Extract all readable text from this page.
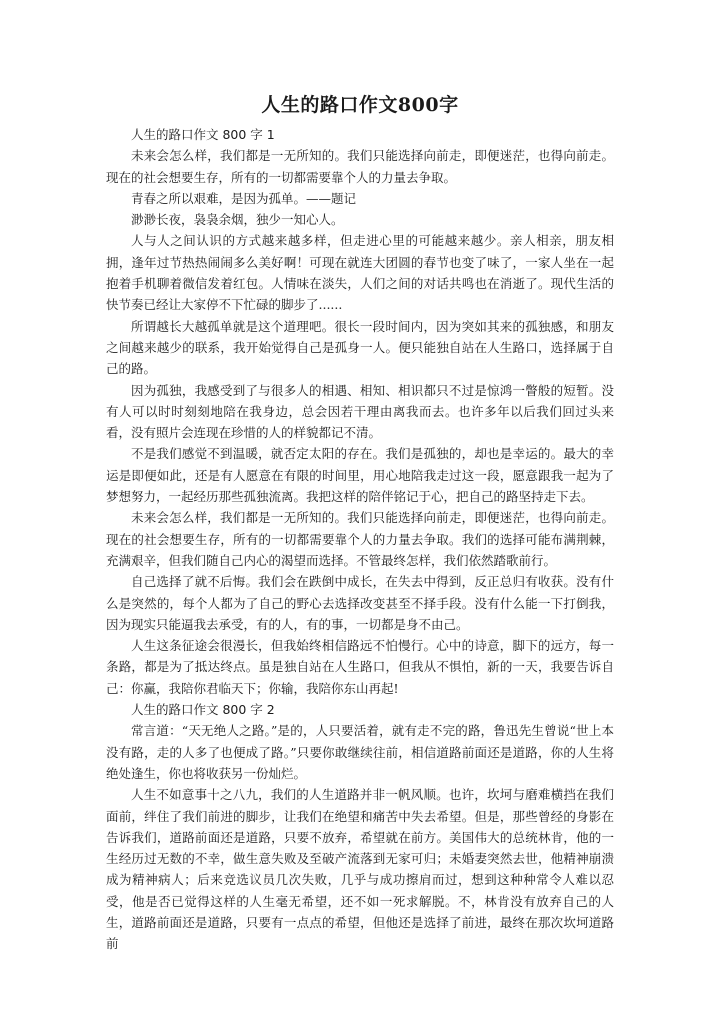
人生的路口作文800字

人生的路口作文 800 字 1

未来会怎么样，我们都是一无所知的。我们只能选择向前走，即便迷茫，也得向前走。现在的社会想要生存，所有的一切都需要靠个人的力量去争取。

青春之所以艰难，是因为孤单。——题记

渺渺长夜，袅袅余烟，独少一知心人。

人与人之间认识的方式越来越多样，但走进心里的可能越来越少。亲人相亲，朋友相拥，逢年过节热热闹闹多么美好啊！可现在就连大团圆的春节也变了味了，一家人坐在一起抱着手机聊着微信发着红包。人情味在淡失，人们之间的对话共鸣也在消逝了。现代生活的快节奏已经让大家停不下忙碌的脚步了......

所谓越长大越孤单就是这个道理吧。很长一段时间内，因为突如其来的孤独感，和朋友之间越来越少的联系，我开始觉得自己是孤身一人。便只能独自站在人生路口，选择属于自己的路。

因为孤独，我感受到了与很多人的相遇、相知、相识都只不过是惊鸿一瞥般的短暂。没有人可以时时刻刻地陪在我身边，总会因若干理由离我而去。也许多年以后我们回过头来看，没有照片会连现在珍惜的人的样貌都记不清。

不是我们感觉不到温暖，就否定太阳的存在。我们是孤独的，却也是幸运的。最大的幸运是即便如此，还是有人愿意在有限的时间里，用心地陪我走过这一段，愿意跟我一起为了梦想努力，一起经历那些孤独流离。我把这样的陪伴铭记于心，把自己的路坚持走下去。

未来会怎么样，我们都是一无所知的。我们只能选择向前走，即便迷茫，也得向前走。现在的社会想要生存，所有的一切都需要靠个人的力量去争取。我们的选择可能布满荆棘，充满艰辛，但我们随自己内心的渴望而选择。不管最终怎样，我们依然踏歌前行。

自己选择了就不后悔。我们会在跌倒中成长，在失去中得到，反正总归有收获。没有什么是突然的，每个人都为了自己的野心去选择改变甚至不择手段。没有什么能一下打倒我，因为现实只能逼我去承受，有的人，有的事，一切都是身不由己。

人生这条征途会很漫长，但我始终相信路远不怕慢行。心中的诗意，脚下的远方，每一条路，都是为了抵达终点。虽是独自站在人生路口，但我从不惧怕，新的一天，我要告诉自己：你赢，我陪你君临天下；你输，我陪你东山再起!

人生的路口作文 800 字 2

常言道：“天无绝人之路。”是的，人只要活着，就有走不完的路，鲁迅先生曾说“世上本没有路，走的人多了也便成了路。”只要你敢继续往前，相信道路前面还是道路，你的人生将绝处逢生，你也将收获另一份灿烂。

人生不如意事十之八九，我们的人生道路并非一帆风顺。也许，坎坷与磨难横挡在我们面前，绊住了我们前进的脚步，让我们在绝望和痛苦中失去希望。但是，那些曾经的身影在告诉我们，道路前面还是道路，只要不放弃，希望就在前方。美国伟大的总统林肯，他的一生经历过无数的不幸，做生意失败及至破产流落到无家可归；未婚妻突然去世，他精神崩溃成为精神病人；后来竞选议员几次失败，几乎与成功擦肩而过，想到这种种常令人难以忍受，他是否已觉得这样的人生毫无希望，还不如一死求解脱。不，林肯没有放弃自己的人生，道路前面还是道路，只要有一点点的希望，但他还是选择了前进，最终在那次坎坷道路前
